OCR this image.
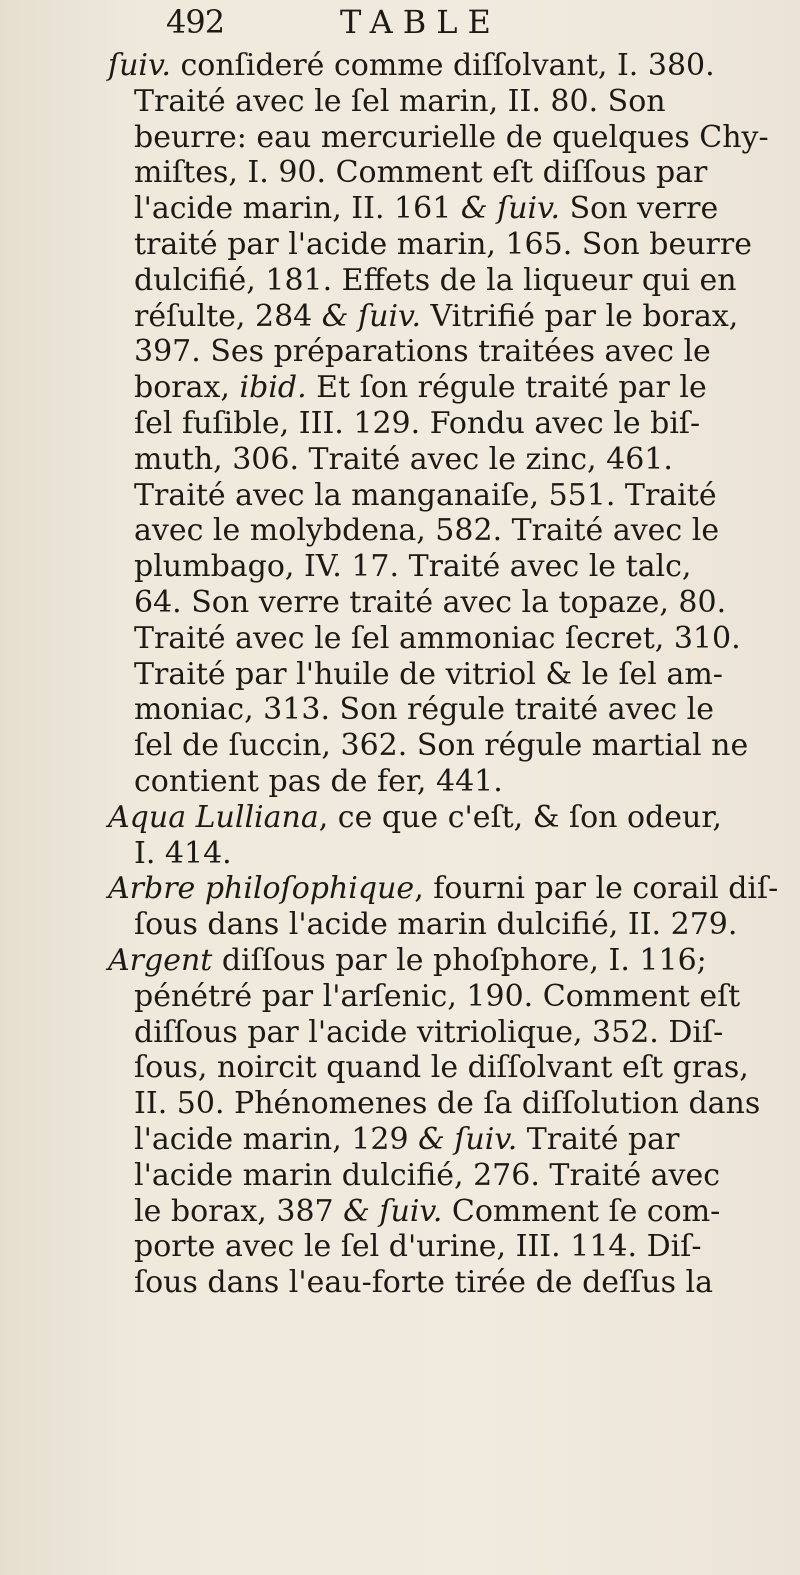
492	TABLE
ſuiv. conſideré comme diſſolvant, I. 380.
Traité avec le ſel marin, II. 80. Son
beurre: eau mercurielle de quelques Chy-
miſtes, I. 90. Comment eſt diſſous par
l'acide marin, II. 161 & ſuiv. Son verre
traité par l'acide marin, 165. Son beurre
dulcifié, 181. Effets de la liqueur qui en
réſulte, 284 & ſuiv. Vitrifié par le borax,
397. Ses préparations traitées avec le
borax, ibid. Et ſon régule traité par le
ſel fuſible, III. 129. Fondu avec le biſ-
muth, 306. Traité avec le zinc, 461.
Traité avec la manganaiſe, 551. Traité
avec le molybdena, 582. Traité avec le
plumbago, IV. 17. Traité avec le talc,
64. Son verre traité avec la topaze, 80.
Traité avec le ſel ammoniac ſecret, 310.
Traité par l'huile de vitriol & le ſel am-
moniac, 313. Son régule traité avec le
ſel de ſuccin, 362. Son régule martial ne
contient pas de fer, 441.
Aqua Lulliana, ce que c'eſt, & ſon odeur,
I. 414.
Arbre philoſophique, fourni par le corail diſ-
ſous dans l'acide marin dulcifié, II. 279.
Argent diſſous par le phoſphore, I. 116;
pénétré par l'arſenic, 190. Comment eſt
diſſous par l'acide vitriolique, 352. Diſ-
ſous, noircit quand le diſſolvant eſt gras,
II. 50. Phénomenes de ſa diſſolution dans
l'acide marin, 129 & ſuiv. Traité par
l'acide marin dulcifié, 276. Traité avec
le borax, 387 & ſuiv. Comment ſe com-
porte avec le ſel d'urine, III. 114. Diſ-
ſous dans l'eau-forte tirée de deſſus la
